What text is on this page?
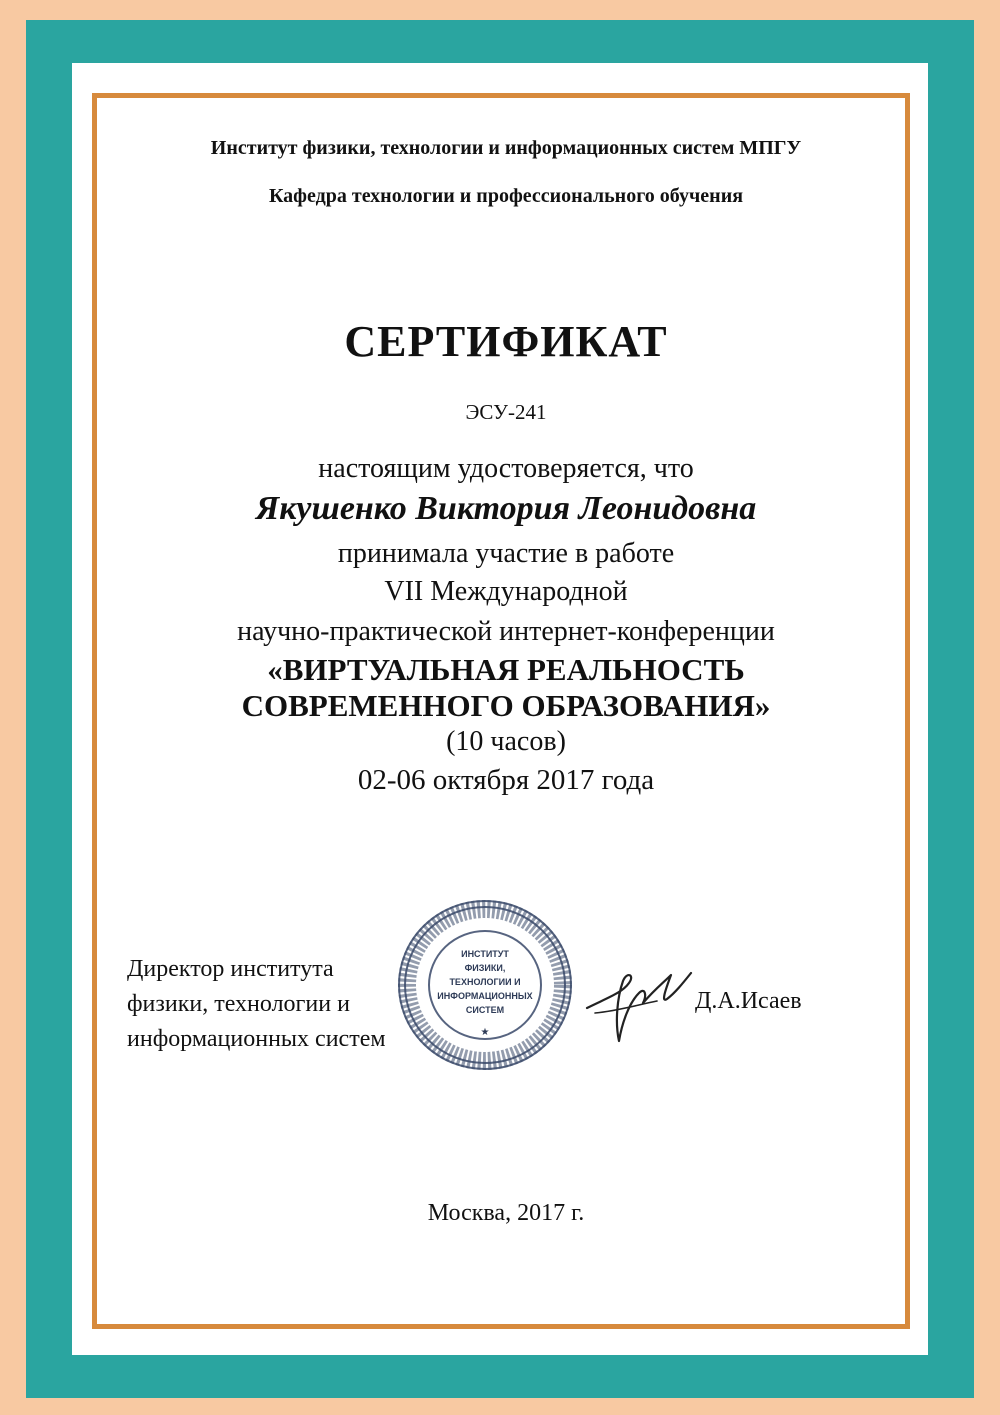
Институт физики, технологии и информационных систем МПГУ
Кафедра технологии и профессионального обучения
СЕРТИФИКАТ
ЭСУ-241
настоящим удостоверяется, что
Якушенко Виктория Леонидовна
принимала участие в работе
VII Международной
научно-практической интернет-конференции
«ВИРТУАЛЬНАЯ РЕАЛЬНОСТЬ
СОВРЕМЕННОГО ОБРАЗОВАНИЯ»
(10 часов)
02-06 октября 2017 года
ИНСТИТУТ
ФИЗИКИ,
ТЕХНОЛОГИИ И
ИНФОРМАЦИОННЫХ
СИСТЕМ
★
Директор института
физики, технологии и
информационных систем
Д.А.Исаев
Москва, 2017 г.
